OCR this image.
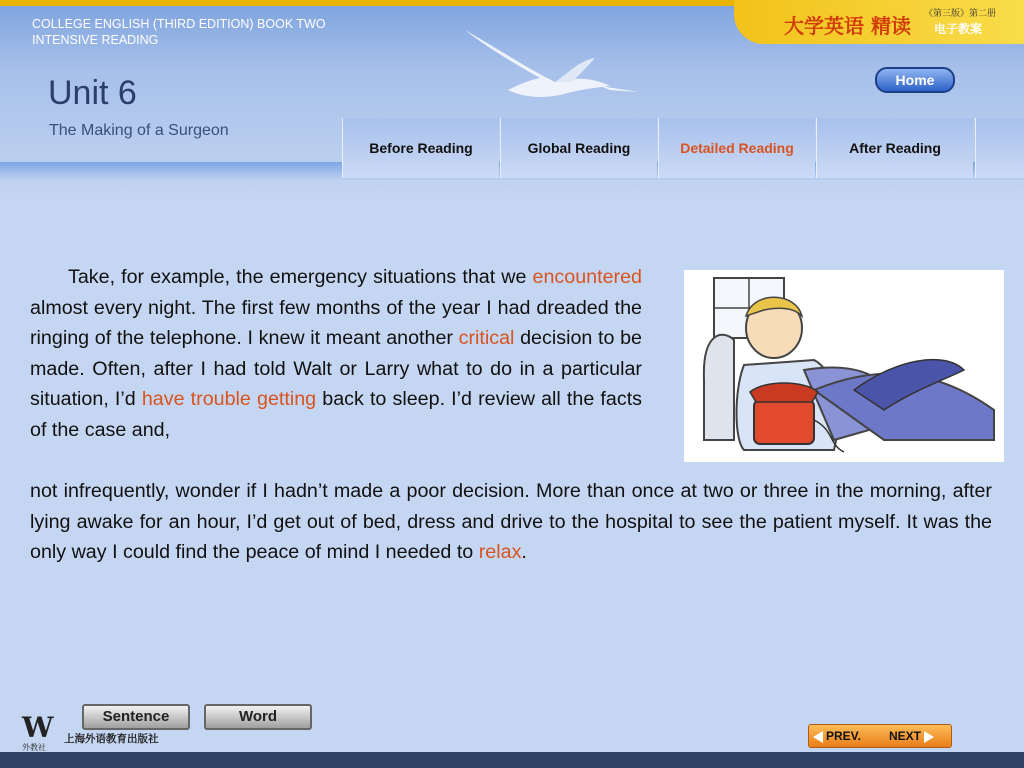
COLLEGE ENGLISH (THIRD EDITION) BOOK TWO
INTENSIVE READING
大学英语 精读 《第三版》第二册
电子教案
Unit 6
The Making of a Surgeon
Home
Before Reading	Global Reading	Detailed Reading	After Reading

Take, for example, the emergency situations that we encountered almost every night. The first few months of the year I had dreaded the ringing of the telephone. I knew it meant another critical decision to be made. Often, after I had told Walt or Larry what to do in a particular situation, I’d have trouble getting back to sleep. I’d review all the facts of the case and,

not infrequently, wonder if I hadn’t made a poor decision. More than once at two or three in the morning, after lying awake for an hour, I’d get out of bed, dress and drive to the hospital to see the patient myself. It was the only way I could find the peace of mind I needed to relax.

W
外教社
上海外语教育出版社
Sentence	Word
PREV. NEXT
